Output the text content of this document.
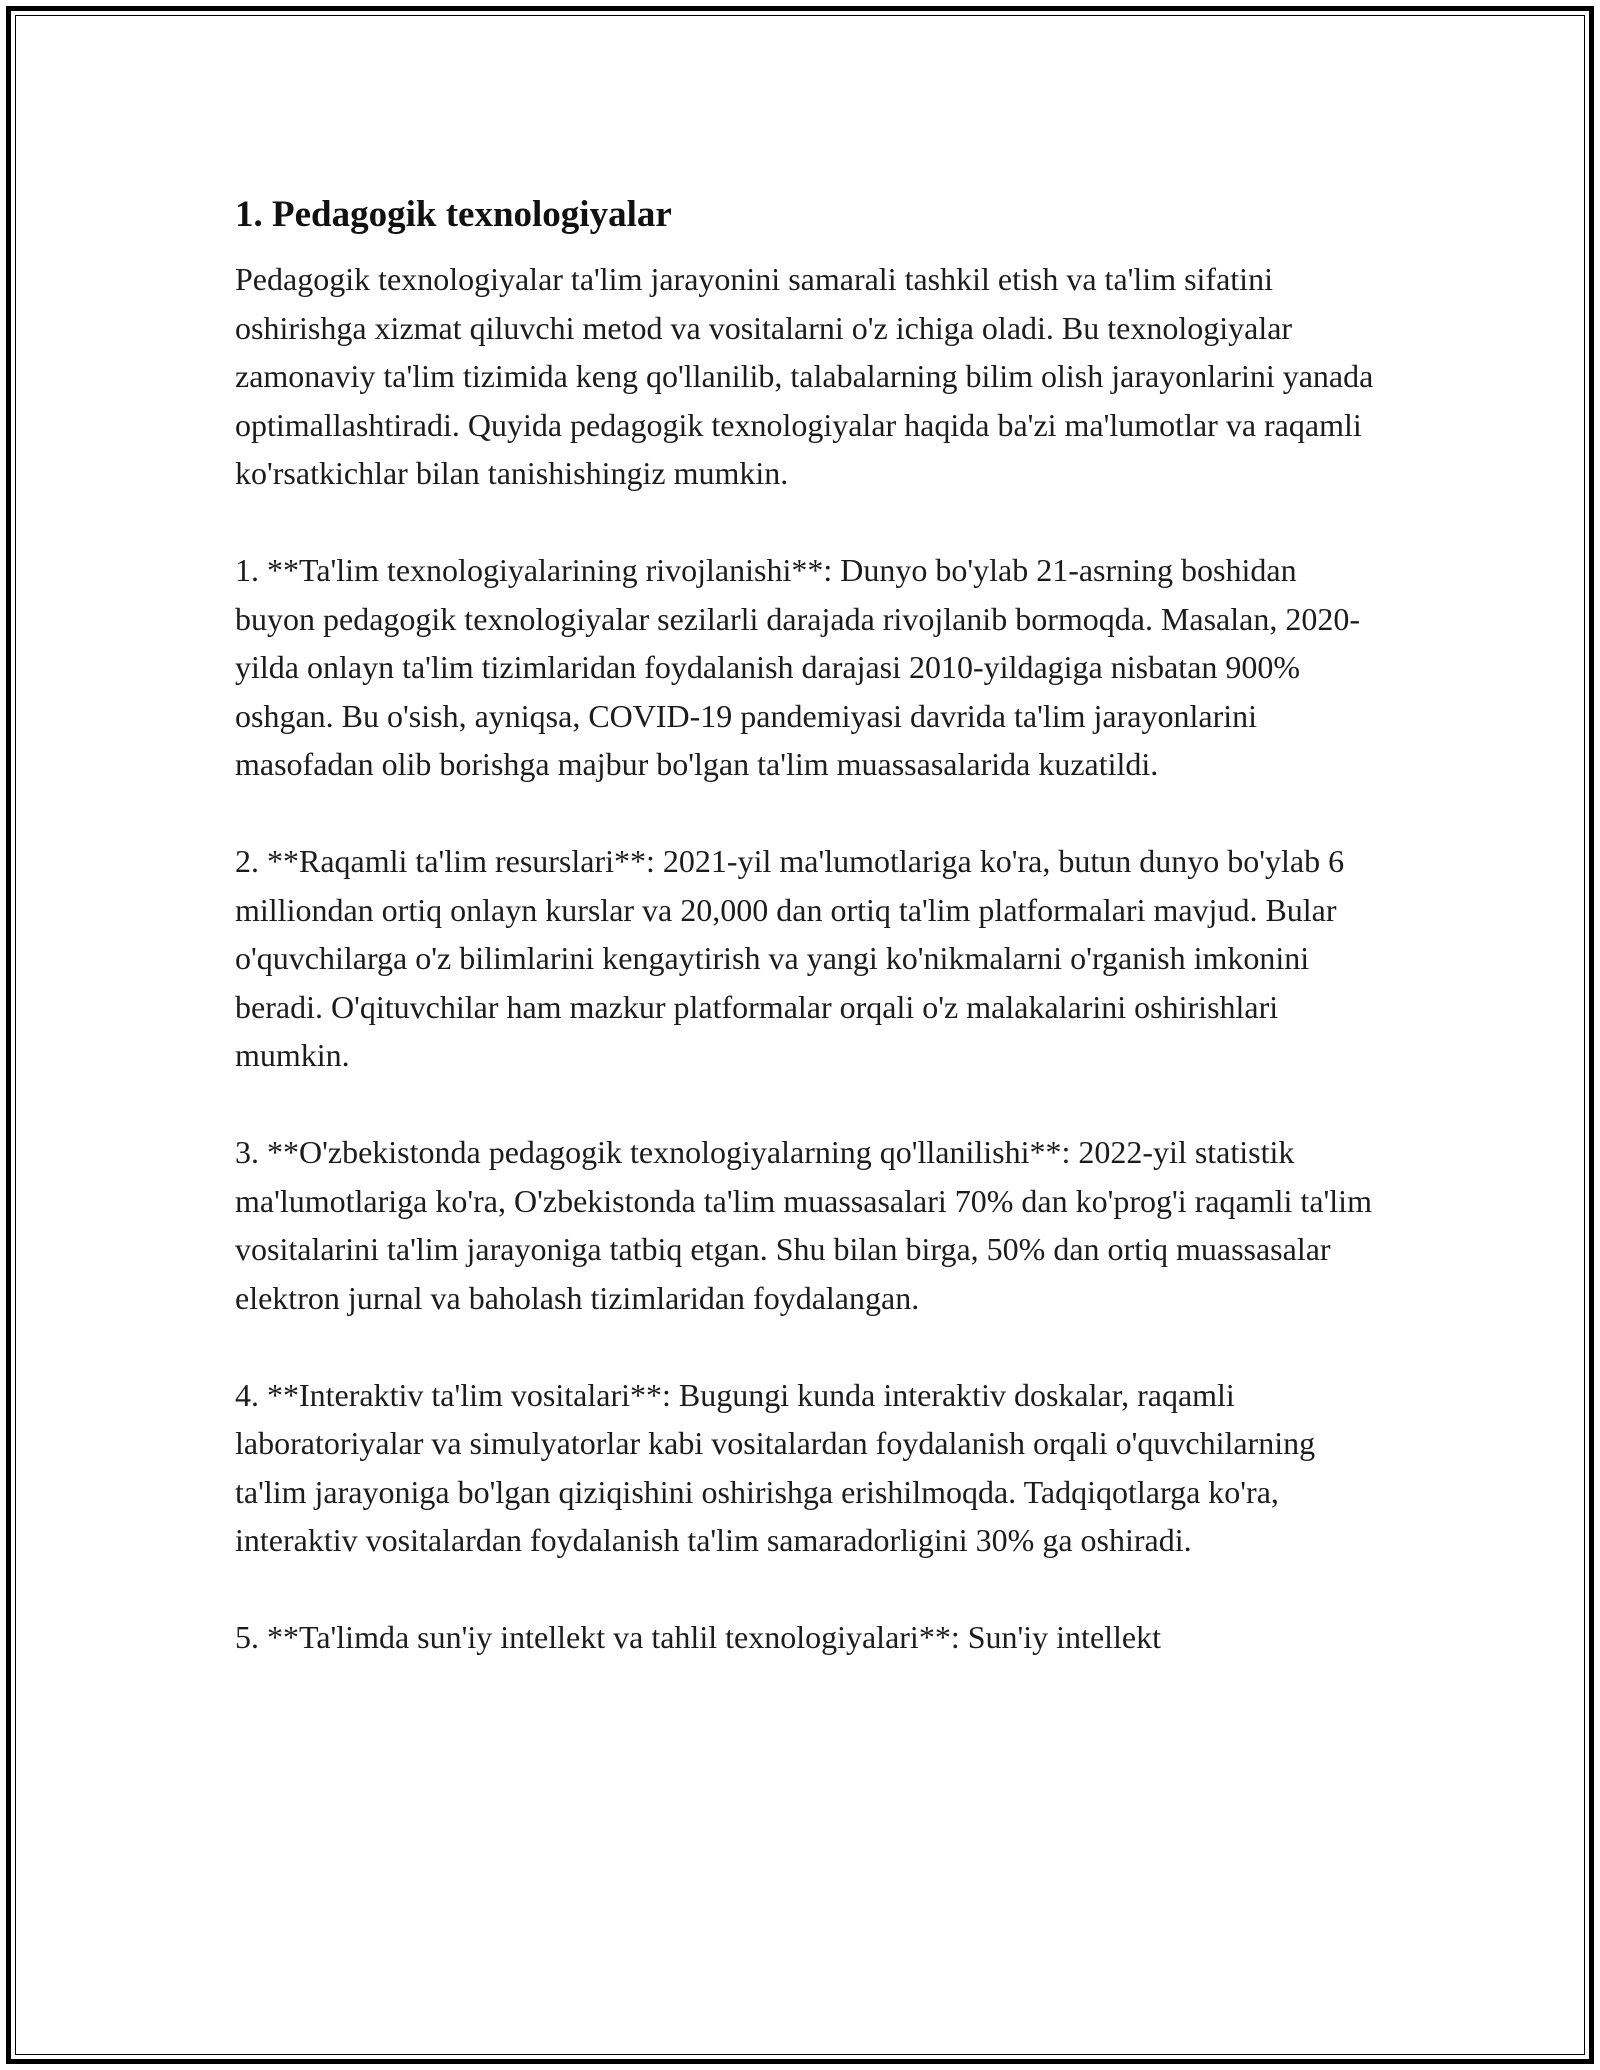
1. Pedagogik texnologiyalar

Pedagogik texnologiyalar ta'lim jarayonini samarali tashkil etish va ta'lim sifatini oshirishga xizmat qiluvchi metod va vositalarni o'z ichiga oladi. Bu texnologiyalar zamonaviy ta'lim tizimida keng qo'llanilib, talabalarning bilim olish jarayonlarini yanada optimallashtiradi. Quyida pedagogik texnologiyalar haqida ba'zi ma'lumotlar va raqamli ko'rsatkichlar bilan tanishishingiz mumkin.

1. **Ta'lim texnologiyalarining rivojlanishi**: Dunyo bo'ylab 21-asrning boshidan buyon pedagogik texnologiyalar sezilarli darajada rivojlanib bormoqda. Masalan, 2020-yilda onlayn ta'lim tizimlaridan foydalanish darajasi 2010-yildagiga nisbatan 900% oshgan. Bu o'sish, ayniqsa, COVID-19 pandemiyasi davrida ta'lim jarayonlarini masofadan olib borishga majbur bo'lgan ta'lim muassasalarida kuzatildi.

2. **Raqamli ta'lim resurslari**: 2021-yil ma'lumotlariga ko'ra, butun dunyo bo'ylab 6 milliondan ortiq onlayn kurslar va 20,000 dan ortiq ta'lim platformalari mavjud. Bular o'quvchilarga o'z bilimlarini kengaytirish va yangi ko'nikmalarni o'rganish imkonini beradi. O'qituvchilar ham mazkur platformalar orqali o'z malakalarini oshirishlari mumkin.

3. **O'zbekistonda pedagogik texnologiyalarning qo'llanilishi**: 2022-yil statistik ma'lumotlariga ko'ra, O'zbekistonda ta'lim muassasalari 70% dan ko'prog'i raqamli ta'lim vositalarini ta'lim jarayoniga tatbiq etgan. Shu bilan birga, 50% dan ortiq muassasalar elektron jurnal va baholash tizimlaridan foydalangan.

4. **Interaktiv ta'lim vositalari**: Bugungi kunda interaktiv doskalar, raqamli laboratoriyalar va simulyatorlar kabi vositalardan foydalanish orqali o'quvchilarning ta'lim jarayoniga bo'lgan qiziqishini oshirishga erishilmoqda. Tadqiqotlarga ko'ra, interaktiv vositalardan foydalanish ta'lim samaradorligini 30% ga oshiradi.

5. **Ta'limda sun'iy intellekt va tahlil texnologiyalari**: Sun'iy intellekt
